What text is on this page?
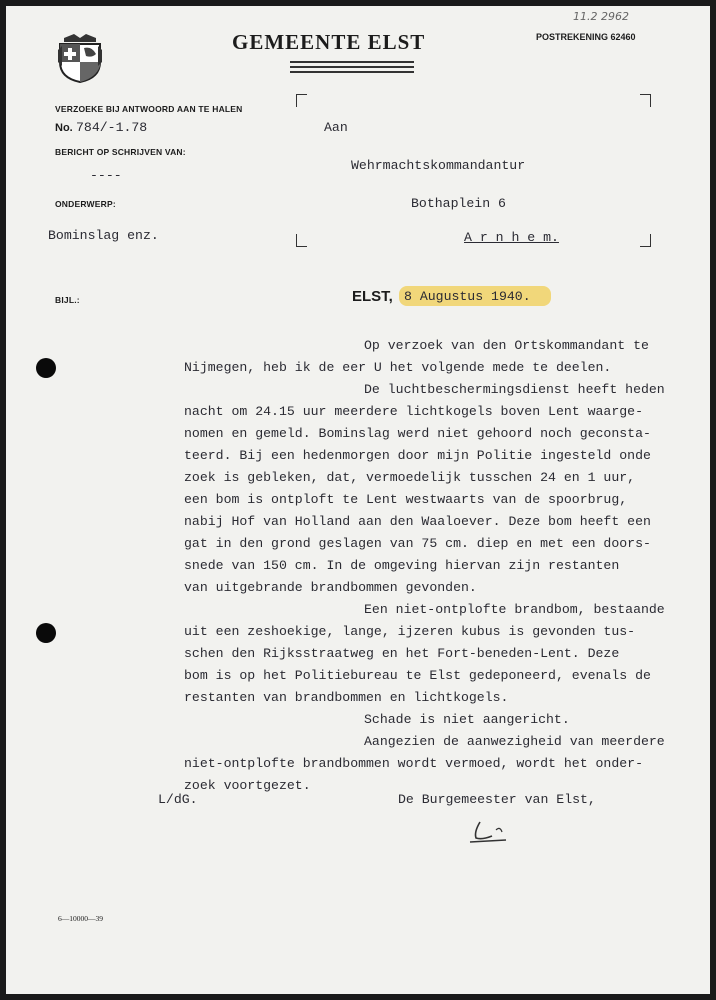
GEMEENTE ELST	POSTREKENING 62460
11.2 2962
VERZOEKE BIJ ANTWOORD AAN TE HALEN
No. 784/-1.78
BERICHT OP SCHRIJVEN VAN:
----
ONDERWERP:
Bominslag enz.
BIJL.:
Aan
Wehrmachtskommandantur
Bothaplein 6
A r n h e m.
ELST, 8 Augustus 1940.
Op verzoek van den Ortskommandant te
Nijmegen, heb ik de eer U het volgende mede te deelen.
De luchtbeschermingsdienst heeft heden
nacht om 24.15 uur meerdere lichtkogels boven Lent waarge-
nomen en gemeld. Bominslag werd niet gehoord noch geconsta-
teerd. Bij een hedenmorgen door mijn Politie ingesteld onde
zoek is gebleken, dat, vermoedelijk tusschen 24 en 1 uur,
een bom is ontploft te Lent westwaarts van de spoorbrug,
nabij Hof van Holland aan den Waaloever. Deze bom heeft een
gat in den grond geslagen van 75 cm. diep en met een doors-
snede van 150 cm. In de omgeving hiervan zijn restanten
van uitgebrande brandbommen gevonden.
Een niet-ontplofte brandbom, bestaande
uit een zeshoekige, lange, ijzeren kubus is gevonden tus-
schen den Rijksstraatweg en het Fort-beneden-Lent. Deze
bom is op het Politiebureau te Elst gedeponeerd, evenals de
restanten van brandbommen en lichtkogels.
Schade is niet aangericht.
Aangezien de aanwezigheid van meerdere
niet-ontplofte brandbommen wordt vermoed, wordt het onder-
zoek voortgezet.
L/dG.	De Burgemeester van Elst,
6—10000—39
